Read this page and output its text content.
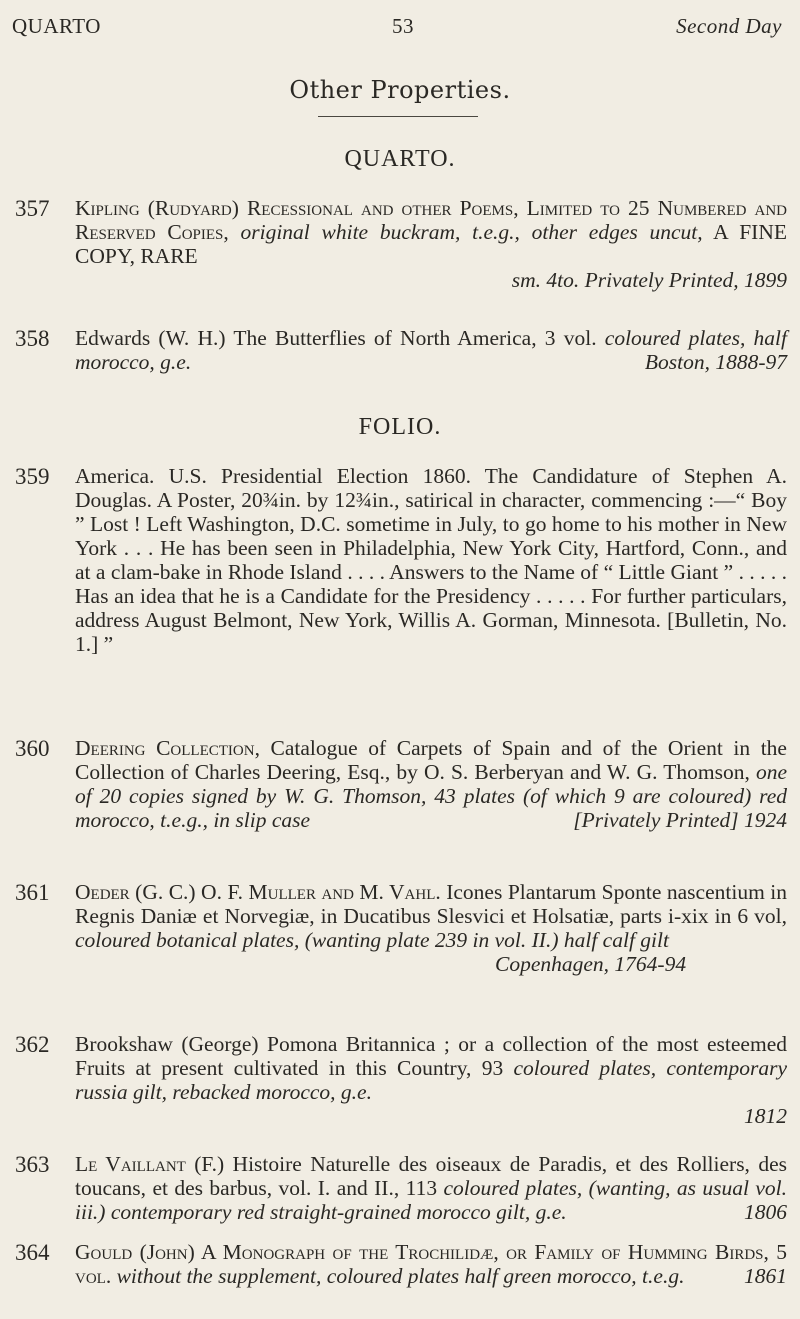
QUARTO	53	Second Day
Other Properties.
QUARTO.
357 Kipling (Rudyard) Recessional and other Poems, Limited to 25 Numbered and Reserved Copies, original white buckram, t.e.g., other edges uncut, A FINE COPY, RARE
sm. 4to. Privately Printed, 1899
358 Edwards (W. H.) The Butterflies of North America, 3 vol. coloured plates, half morocco, g.e.	Boston, 1888-97
FOLIO.
359 America. U.S. Presidential Election 1860. The Candidature of Stephen A. Douglas. A Poster, 20¾in. by 12¾in., satirical in character, commencing :—“ Boy ” Lost ! Left Washington, D.C. sometime in July, to go home to his mother in New York . . . He has been seen in Philadelphia, New York City, Hartford, Conn., and at a clam-bake in Rhode Island . . . . Answers to the Name of “ Little Giant ” . . . . . Has an idea that he is a Candidate for the Presidency . . . . . For further particulars, address August Belmont, New York, Willis A. Gorman, Minnesota. [Bulletin, No. 1.] ”
360 Deering Collection, Catalogue of Carpets of Spain and of the Orient in the Collection of Charles Deering, Esq., by O. S. Berberyan and W. G. Thomson, one of 20 copies signed by W. G. Thomson, 43 plates (of which 9 are coloured) red morocco, t.e.g., in slip case	[Privately Printed] 1924
361 Oeder (G. C.) O. F. Muller and M. Vahl. Icones Plantarum Sponte nascentium in Regnis Daniæ et Norvegiæ, in Ducatibus Slesvici et Holsatiæ, parts i-xix in 6 vol, coloured botanical plates, (wanting plate 239 in vol. II.) half calf gilt
Copenhagen, 1764-94
362 Brookshaw (George) Pomona Britannica ; or a collection of the most esteemed Fruits at present cultivated in this Country, 93 coloured plates, contemporary russia gilt, rebacked morocco, g.e.
1812
363 Le Vaillant (F.) Histoire Naturelle des oiseaux de Paradis, et des Rolliers, des toucans, et des barbus, vol. I. and II., 113 coloured plates, (wanting, as usual vol. iii.) contemporary red straight-grained morocco gilt, g.e.	1806
364 Gould (John) A Monograph of the Trochilidæ, or Family of Humming Birds, 5 vol. without the supplement, coloured plates half green morocco, t.e.g.	1861
